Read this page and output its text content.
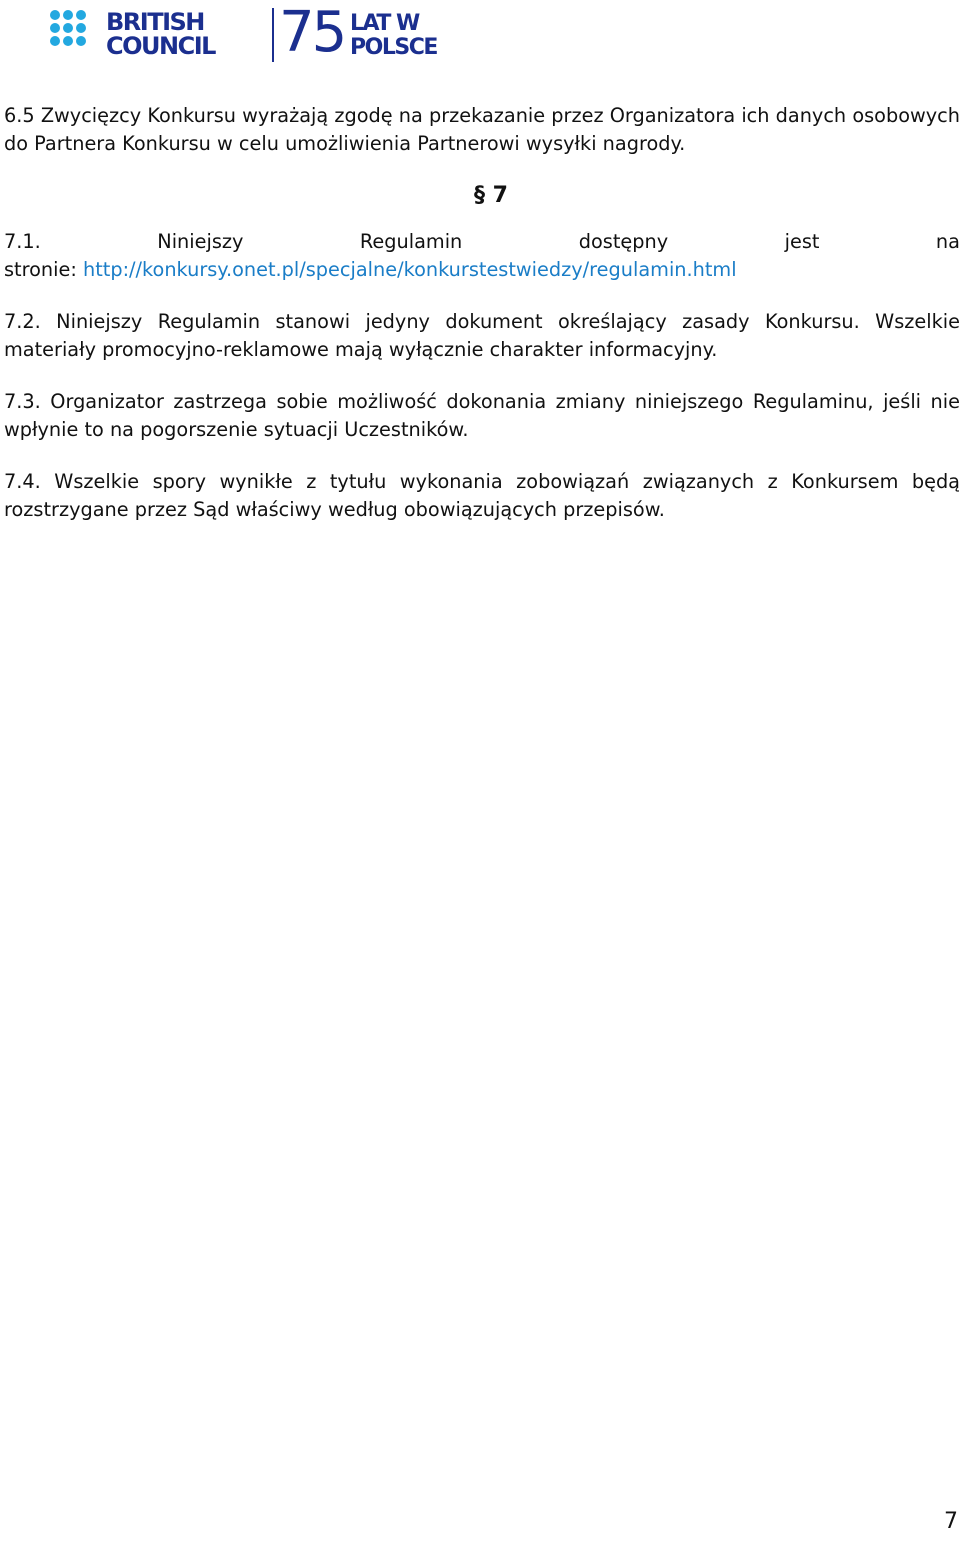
BRITISH
COUNCIL 75 LAT W
POLSCE

6.5 Zwycięzcy Konkursu wyrażają zgodę na przekazanie przez Organizatora ich danych osobowych do Partnera Konkursu w celu umożliwienia Partnerowi wysyłki nagrody.

§ 7
7.1.	Niniejszy	Regulamin	dostępny	jest	na
stronie: http://konkursy.onet.pl/specjalne/konkurstestwiedzy/regulamin.html

7.2. Niniejszy Regulamin stanowi jedyny dokument określający zasady Konkursu. Wszelkie materiały promocyjno-reklamowe mają wyłącznie charakter informacyjny.

7.3. Organizator zastrzega sobie możliwość dokonania zmiany niniejszego Regulaminu, jeśli nie wpłynie to na pogorszenie sytuacji Uczestników.

7.4. Wszelkie spory wynikłe z tytułu wykonania zobowiązań związanych z Konkursem będą rozstrzygane przez Sąd właściwy według obowiązujących przepisów.

7
